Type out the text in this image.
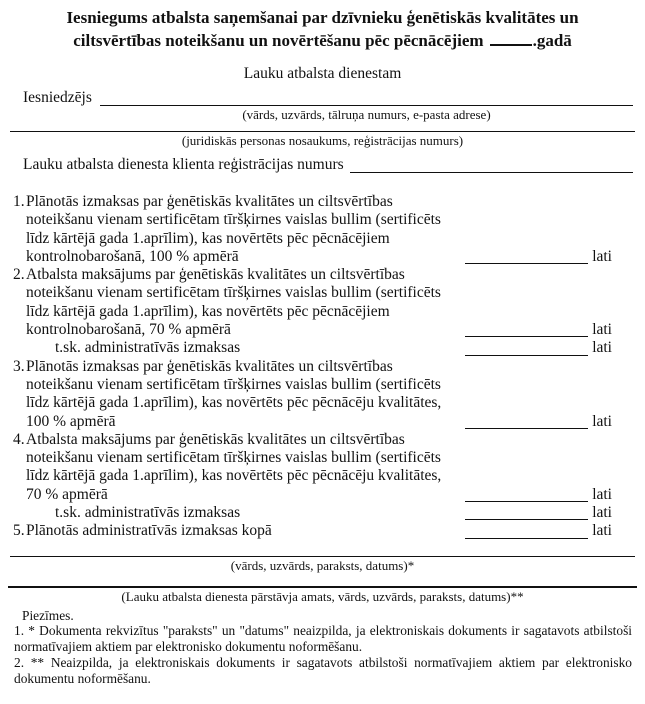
Iesniegums atbalsta saņemšanai par dzīvnieku ģenētiskās kvalitātes un
ciltsvērtības noteikšanu un novērtēšanu pēc pēcnācējiem	.gadā
Lauku atbalsta dienestam
Iesniedzējs
(vārds, uzvārds, tālruņa numurs, e-pasta adrese)
(juridiskās personas nosaukums, reģistrācijas numurs)
Lauku atbalsta dienesta klienta reģistrācijas numurs
1.Plānotās izmaksas par ģenētiskās kvalitātes un ciltsvērtības
noteikšanu vienam sertificētam tīršķirnes vaislas bullim (sertificēts
līdz kārtējā gada 1.aprīlim), kas novērtēts pēc pēcnācējiem
kontrolnobarošanā, 100 % apmērā	lati
2.Atbalsta maksājums par ģenētiskās kvalitātes un ciltsvērtības
noteikšanu vienam sertificētam tīršķirnes vaislas bullim (sertificēts
līdz kārtējā gada 1.aprīlim), kas novērtēts pēc pēcnācējiem
kontrolnobarošanā, 70 % apmērā	lati
t.sk. administratīvās izmaksas	lati
3.Plānotās izmaksas par ģenētiskās kvalitātes un ciltsvērtības
noteikšanu vienam sertificētam tīršķirnes vaislas bullim (sertificēts
līdz kārtējā gada 1.aprīlim), kas novērtēts pēc pēcnācēju kvalitātes,
100 % apmērā	lati
4.Atbalsta maksājums par ģenētiskās kvalitātes un ciltsvērtības
noteikšanu vienam sertificētam tīršķirnes vaislas bullim (sertificēts
līdz kārtējā gada 1.aprīlim), kas novērtēts pēc pēcnācēju kvalitātes,
70 % apmērā	lati
t.sk. administratīvās izmaksas	lati
5.Plānotās administratīvās izmaksas kopā	lati
(vārds, uzvārds, paraksts, datums)*
(Lauku atbalsta dienesta pārstāvja amats, vārds, uzvārds, paraksts, datums)**
Piezīmes.

1. * Dokumenta rekvizītus "paraksts" un "datums" neaizpilda, ja elektroniskais dokuments ir sagatavots atbilstoši normatīvajiem aktiem par elektronisko dokumentu noformēšanu.

2. ** Neaizpilda, ja elektroniskais dokuments ir sagatavots atbilstoši normatīvajiem aktiem par elektronisko dokumentu noformēšanu.
